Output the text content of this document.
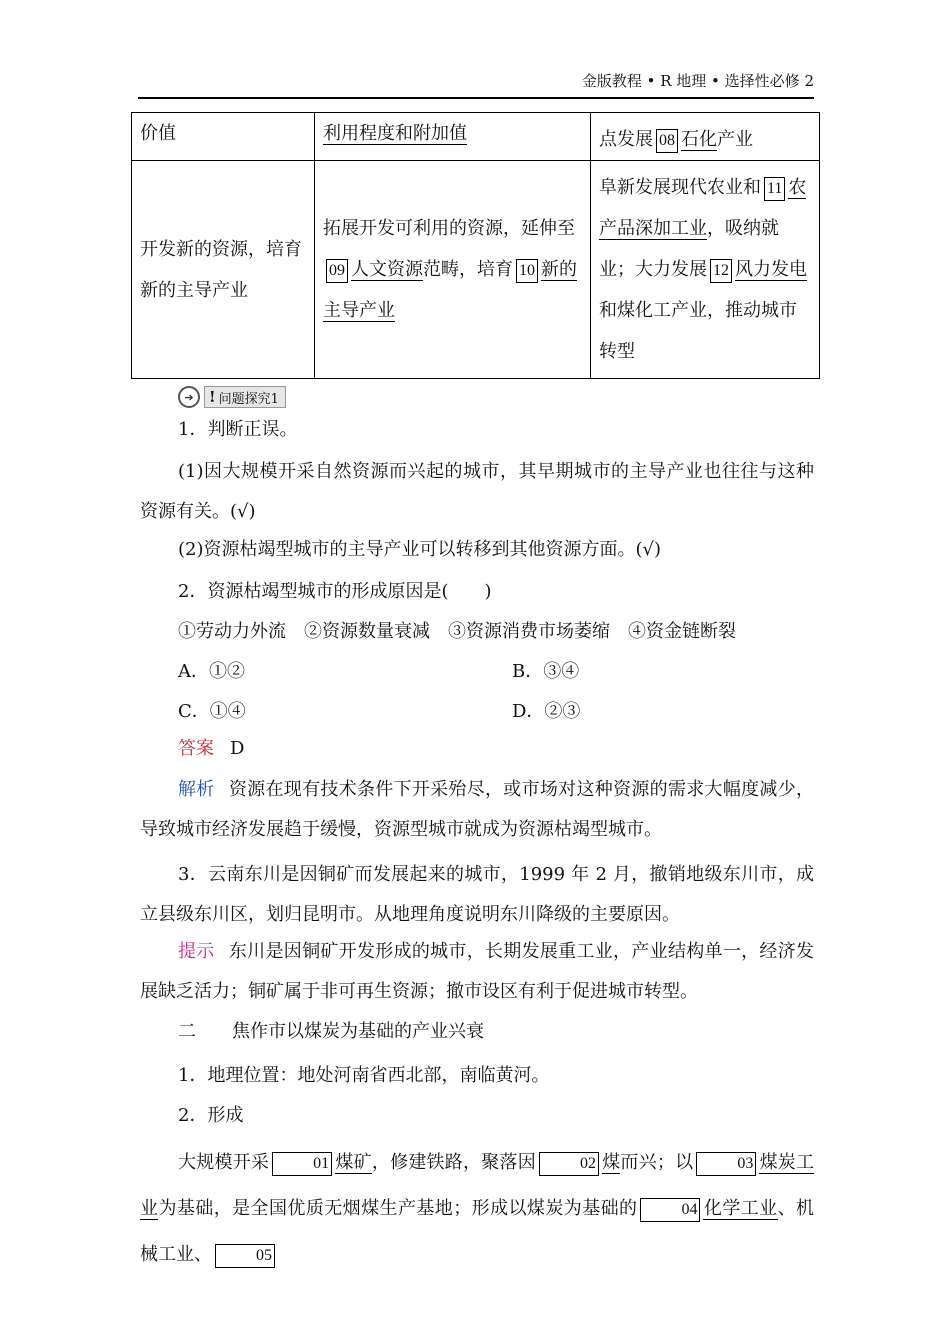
金版教程 • R 地理 • 选择性必修 2
价值	利用程度和附加值	点发展 08 石化产业
开发新的资源，培育新的主导产业	拓展开发可利用的资源，延伸至09 人文资源范畴，培育 10 新的主导产业	阜新发展现代农业和 11 农产品深加工业，吸纳就业；大力发展 12 风力发电和煤化工产业，推动城市转型
➔	! 问题探究1
1．判断正误。
(1)因大规模开采自然资源而兴起的城市，其早期城市的主导产业也往往与这种资源有关。(√)
(2)资源枯竭型城市的主导产业可以转移到其他资源方面。(√)
2．资源枯竭型城市的形成原因是(　　)
①劳动力外流　②资源数量衰减　③资源消费市场萎缩　④资金链断裂
A．①②	B．③④
C．①④	D．②③
答案 D
解析 资源在现有技术条件下开采殆尽，或市场对这种资源的需求大幅度减少，导致城市经济发展趋于缓慢，资源型城市就成为资源枯竭型城市。
3．云南东川是因铜矿而发展起来的城市，1999 年 2 月，撤销地级东川市，成立县级东川区，划归昆明市。从地理角度说明东川降级的主要原因。
提示 东川是因铜矿开发形成的城市，长期发展重工业，产业结构单一，经济发展缺乏活力；铜矿属于非可再生资源；撤市设区有利于促进城市转型。
二　　焦作市以煤炭为基础的产业兴衰
1．地理位置：地处河南省西北部，南临黄河。
2．形成
大规模开采	01 煤矿，修建铁路，聚落因	02 煤而兴；以	03 煤炭工业为基础，是全国优质无烟煤生产基地；形成以煤炭为基础的	04 化学工业、机械工业、	05
